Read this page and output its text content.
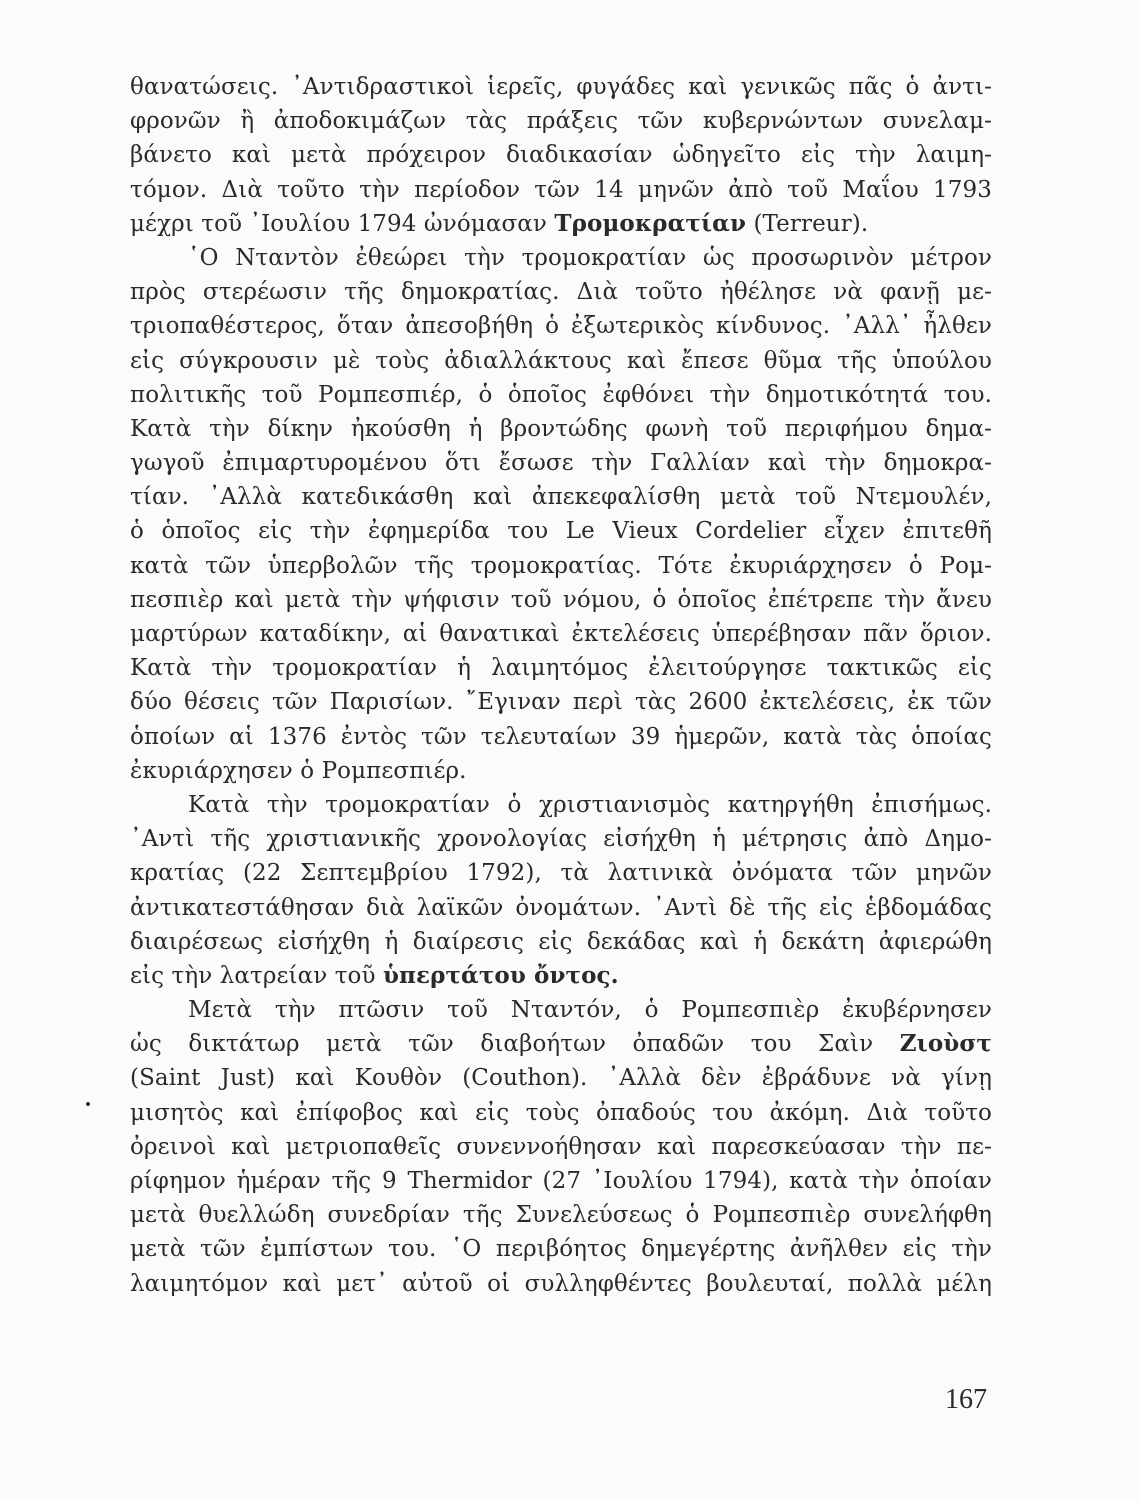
θανατώσεις. ᾿Αντιδραστικοὶ ἱερεῖς, φυγάδες καὶ γενικῶς πᾶς ὁ ἀντι-
φρονῶν ἢ ἀποδοκιμάζων τὰς πράξεις τῶν κυβερνώντων συνελαμ-
βάνετο καὶ μετὰ πρόχειρον διαδικασίαν ὡδηγεῖτο εἰς τὴν λαιμη-
τόμον. Διὰ τοῦτο τὴν περίοδον τῶν 14 μηνῶν ἀπὸ τοῦ Μαΐου 1793
μέχρι τοῦ ᾿Ιουλίου 1794 ὠνόμασαν Τρομοκρατίαν (Terreur).
῾Ο Νταντὸν ἐθεώρει τὴν τρομοκρατίαν ὡς προσωρινὸν μέτρον
πρὸς στερέωσιν τῆς δημοκρατίας. Διὰ τοῦτο ἠθέλησε νὰ φανῇ με-
τριοπαθέστερος, ὅταν ἀπεσοβήθη ὁ ἐξωτερικὸς κίνδυνος. ᾿Αλλ᾿ ἦλθεν
εἰς σύγκρουσιν μὲ τοὺς ἀδιαλλάκτους καὶ ἔπεσε θῦμα τῆς ὑπούλου
πολιτικῆς τοῦ Ρομπεσπιέρ, ὁ ὁποῖος ἐφθόνει τὴν δημοτικότητά του.
Κατὰ τὴν δίκην ἠκούσθη ἡ βροντώδης φωνὴ τοῦ περιφήμου δημα-
γωγοῦ ἐπιμαρτυρομένου ὅτι ἔσωσε τὴν Γαλλίαν καὶ τὴν δημοκρα-
τίαν. ᾿Αλλὰ κατεδικάσθη καὶ ἀπεκεφαλίσθη μετὰ τοῦ Ντεμουλέν,
ὁ ὁποῖος εἰς τὴν ἐφημερίδα του Le Vieux Cordelier εἶχεν ἐπιτεθῆ
κατὰ τῶν ὑπερβολῶν τῆς τρομοκρατίας. Τότε ἐκυριάρχησεν ὁ Ρομ-
πεσπιὲρ καὶ μετὰ τὴν ψήφισιν τοῦ νόμου, ὁ ὁποῖος ἐπέτρεπε τὴν ἄνευ
μαρτύρων καταδίκην, αἱ θανατικαὶ ἐκτελέσεις ὑπερέβησαν πᾶν ὅριον.
Κατὰ τὴν τρομοκρατίαν ἡ λαιμητόμος ἐλειτούργησε τακτικῶς εἰς
δύο θέσεις τῶν Παρισίων. ῎Εγιναν περὶ τὰς 2600 ἐκτελέσεις, ἐκ τῶν
ὁποίων αἱ 1376 ἐντὸς τῶν τελευταίων 39 ἡμερῶν, κατὰ τὰς ὁποίας
ἐκυριάρχησεν ὁ Ρομπεσπιέρ.
Κατὰ τὴν τρομοκρατίαν ὁ χριστιανισμὸς κατηργήθη ἐπισήμως.
᾿Αντὶ τῆς χριστιανικῆς χρονολογίας εἰσήχθη ἡ μέτρησις ἀπὸ Δημο-
κρατίας (22 Σεπτεμβρίου 1792), τὰ λατινικὰ ὀνόματα τῶν μηνῶν
ἀντικατεστάθησαν διὰ λαϊκῶν ὀνομάτων. ᾿Αντὶ δὲ τῆς εἰς ἑβδομάδας
διαιρέσεως εἰσήχθη ἡ διαίρεσις εἰς δεκάδας καὶ ἡ δεκάτη ἀφιερώθη
εἰς τὴν λατρείαν τοῦ ὑπερτάτου ὄντος.
Μετὰ τὴν πτῶσιν τοῦ Νταντόν, ὁ Ρομπεσπιὲρ ἐκυβέρνησεν
ὡς δικτάτωρ μετὰ τῶν διαβοήτων ὀπαδῶν του Σαὶν Ζιοὺστ
(Saint Just) καὶ Κουθὸν (Couthon). ᾿Αλλὰ δὲν ἐβράδυνε νὰ γίνῃ
μισητὸς καὶ ἐπίφοβος καὶ εἰς τοὺς ὀπαδούς του ἀκόμη. Διὰ τοῦτο
ὀρεινοὶ καὶ μετριοπαθεῖς συνεννοήθησαν καὶ παρεσκεύασαν τὴν πε-
ρίφημον ἡμέραν τῆς 9 Thermidor (27 ᾿Ιουλίου 1794), κατὰ τὴν ὁποίαν
μετὰ θυελλώδη συνεδρίαν τῆς Συνελεύσεως ὁ Ρομπεσπιὲρ συνελήφθη
μετὰ τῶν ἐμπίστων του. ῾Ο περιβόητος δημεγέρτης ἀνῆλθεν εἰς τὴν
λαιμητόμον καὶ μετ᾿ αὐτοῦ οἱ συλληφθέντες βουλευταί, πολλὰ μέλη
167
